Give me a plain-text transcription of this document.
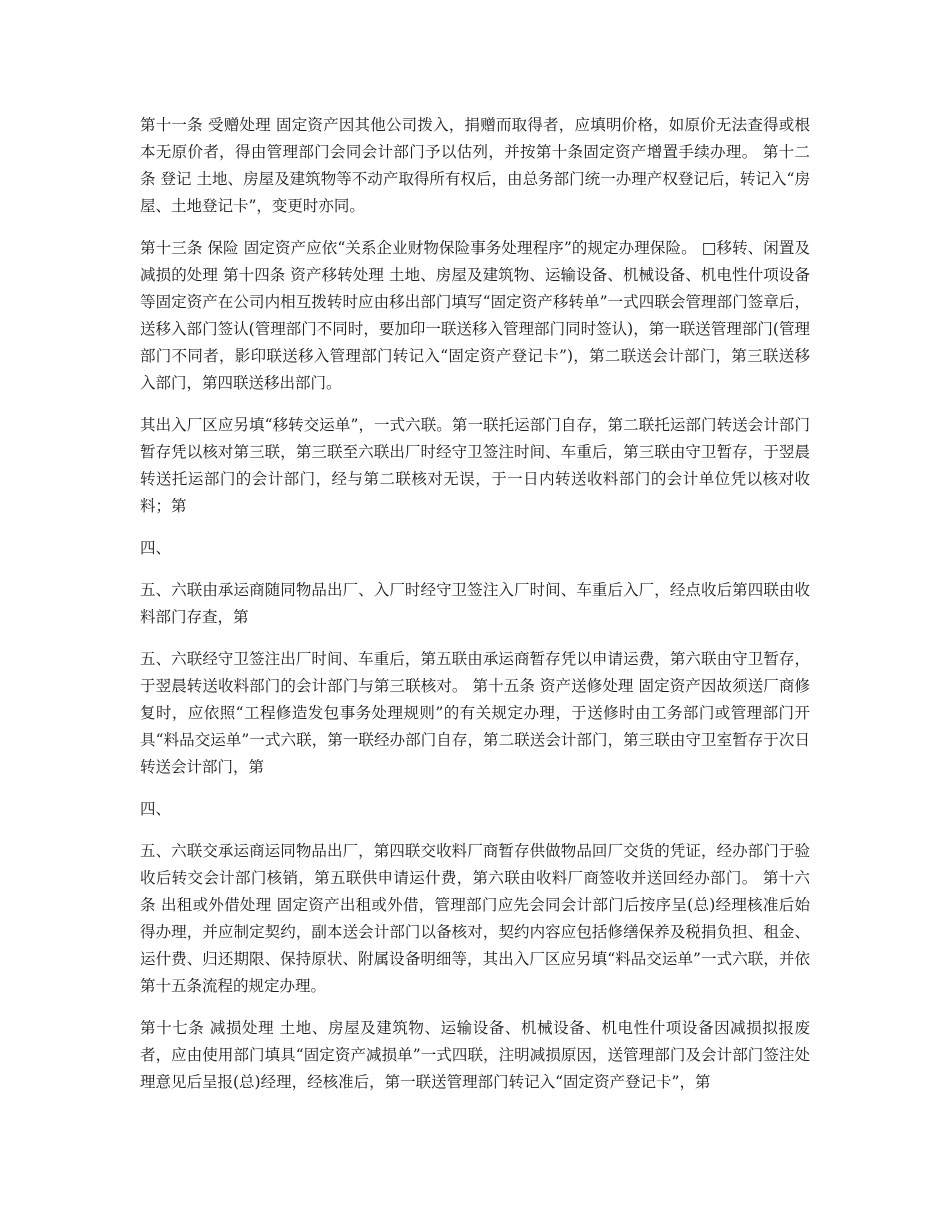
第十一条 受赠处理 固定资产因其他公司拨入，捐赠而取得者，应填明价格，如原价无法查得或根本无原价者，得由管理部门会同会计部门予以估列，并按第十条固定资产增置手续办理。 第十二条 登记 土地、房屋及建筑物等不动产取得所有权后，由总务部门统一办理产权登记后，转记入“房屋、土地登记卡”，变更时亦同。

第十三条 保险 固定资产应依“关系企业财物保险事务处理程序”的规定办理保险。 □移转、闲置及减损的处理 第十四条 资产移转处理 土地、房屋及建筑物、运输设备、机械设备、机电性什项设备等固定资产在公司内相互拨转时应由移出部门填写“固定资产移转单”一式四联会管理部门签章后，送移入部门签认(管理部门不同时，要加印一联送移入管理部门同时签认)，第一联送管理部门(管理部门不同者，影印联送移入管理部门转记入“固定资产登记卡”)，第二联送会计部门，第三联送移入部门，第四联送移出部门。

其出入厂区应另填“移转交运单”，一式六联。第一联托运部门自存，第二联托运部门转送会计部门暂存凭以核对第三联，第三联至六联出厂时经守卫签注时间、车重后，第三联由守卫暂存，于翌晨转送托运部门的会计部门，经与第二联核对无误，于一日内转送收料部门的会计单位凭以核对收料；第

四、

五、六联由承运商随同物品出厂、入厂时经守卫签注入厂时间、车重后入厂，经点收后第四联由收料部门存查，第

五、六联经守卫签注出厂时间、车重后，第五联由承运商暂存凭以申请运费，第六联由守卫暂存，于翌晨转送收料部门的会计部门与第三联核对。 第十五条 资产送修处理 固定资产因故须送厂商修复时，应依照“工程修造发包事务处理规则”的有关规定办理，于送修时由工务部门或管理部门开具“料品交运单”一式六联，第一联经办部门自存，第二联送会计部门，第三联由守卫室暂存于次日转送会计部门，第

四、

五、六联交承运商运同物品出厂，第四联交收料厂商暂存供做物品回厂交货的凭证，经办部门于验收后转交会计部门核销，第五联供申请运什费，第六联由收料厂商签收并送回经办部门。 第十六条 出租或外借处理 固定资产出租或外借，管理部门应先会同会计部门后按序呈(总)经理核准后始得办理，并应制定契约，副本送会计部门以备核对，契约内容应包括修缮保养及税捐负担、租金、运什费、归还期限、保持原状、附属设备明细等，其出入厂区应另填“料品交运单”一式六联，并依第十五条流程的规定办理。

第十七条 减损处理 土地、房屋及建筑物、运输设备、机械设备、机电性什项设备因减损拟报废者，应由使用部门填具“固定资产减损单”一式四联，注明减损原因，送管理部门及会计部门签注处理意见后呈报(总)经理，经核准后，第一联送管理部门转记入“固定资产登记卡”，第
